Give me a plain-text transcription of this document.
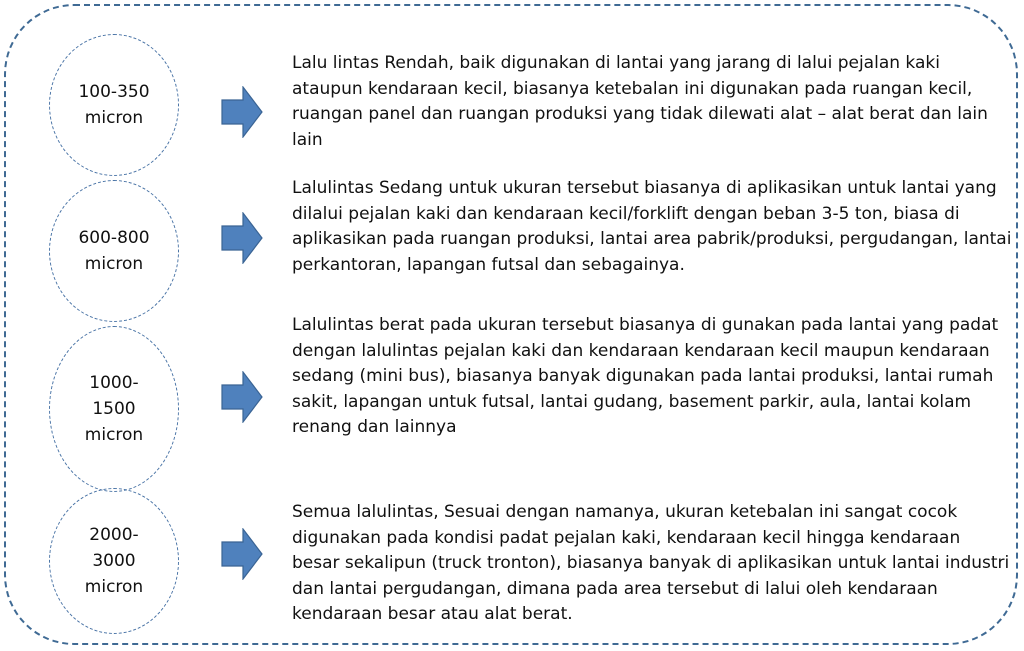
100-350
micron
Lalu lintas Rendah, baik digunakan di lantai yang jarang di lalui pejalan kaki ataupun kendaraan kecil, biasanya ketebalan ini digunakan pada ruangan kecil, ruangan panel dan ruangan produksi yang tidak dilewati alat – alat berat dan lain lain
600-800
micron
Lalulintas Sedang untuk ukuran tersebut biasanya di aplikasikan untuk lantai yang dilalui pejalan kaki dan kendaraan kecil/forklift dengan beban 3-5 ton, biasa di aplikasikan pada ruangan produksi, lantai area pabrik/produksi, pergudangan, lantai perkantoran, lapangan futsal dan sebagainya.
1000-
1500
micron
Lalulintas berat pada ukuran tersebut biasanya di gunakan pada lantai yang padat dengan lalulintas pejalan kaki dan kendaraan kendaraan kecil maupun kendaraan sedang (mini bus), biasanya banyak digunakan pada lantai produksi, lantai rumah sakit, lapangan untuk futsal, lantai gudang, basement parkir, aula, lantai kolam renang dan lainnya
2000-
3000
micron
Semua lalulintas, Sesuai dengan namanya, ukuran ketebalan ini sangat cocok digunakan pada kondisi padat pejalan kaki, kendaraan kecil hingga kendaraan besar sekalipun (truck tronton), biasanya banyak di aplikasikan untuk lantai industri dan lantai pergudangan, dimana pada area tersebut di lalui oleh kendaraan kendaraan besar atau alat berat.
